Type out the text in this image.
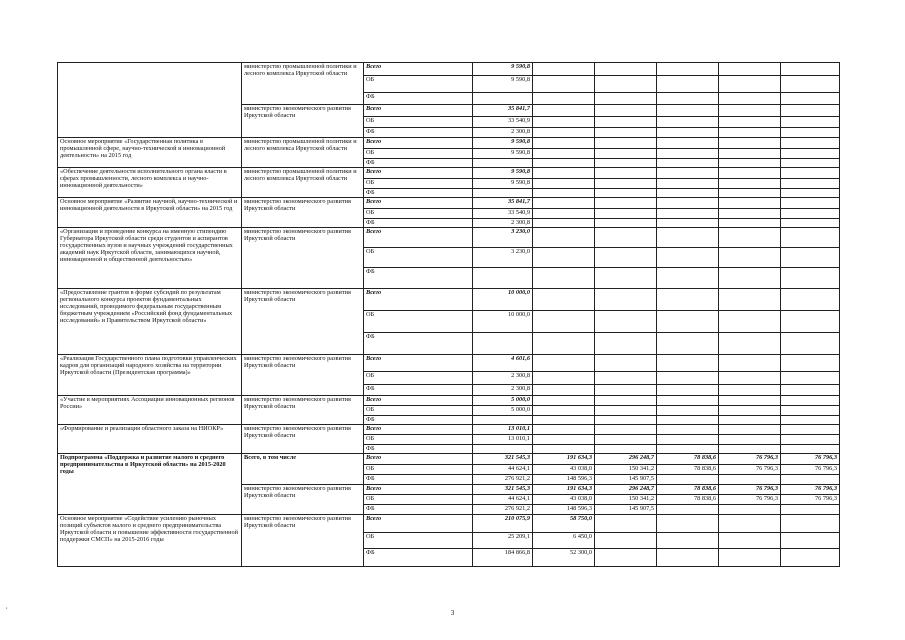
	министерство промышленной политики и лесного комплекса Иркутской области	Всего	9 590,8					
		ОБ	9 590,8					
		ФБ						
	министерство экономического развития Иркутской области	Всего	35 841,7					
		ОБ	33 540,9					
		ФБ	2 300,8					
Основное мероприятие «Государственная политика в промышленной сфере, научно-технической и инновационной деятельности» на 2015 год	министерство промышленной политики и лесного комплекса Иркутской области	Всего	9 590,8					
		ОБ	9 590,8					
		ФБ						
«Обеспечение деятельности исполнительного органа власти в сферах промышленности, лесного комплекса и научно-инновационной деятельности»	министерство промышленной политики и лесного комплекса Иркутской области	Всего	9 590,8					
		ОБ	9 590,8					
		ФБ						
Основное мероприятие «Развитие научной, научно-технической и инновационной деятельности в Иркутской области» на 2015 год	министерство экономического развития Иркутской области	Всего	35 841,7					
		ОБ	33 540,9					
		ФБ	2 300,8					
«Организация и проведение конкурса на именную стипендию Губернатора Иркутской области среди студентов и аспирантов государственных вузов и научных учреждений государственных академий наук Иркутской области, занимающихся научной, инновационной и общественной деятельностью»	министерство экономического развития Иркутской области	Всего	3 230,0					
		ОБ	3 230,0					
		ФБ						
«Предоставление грантов в форме субсидий по результатам регионального конкурса проектов фундаментальных исследований, проводимого федеральным государственным бюджетным учреждением «Российский фонд фундаментальных исследований» и Правительством Иркутской области»	министерство экономического развития Иркутской области	Всего	10 000,0					
		ОБ	10 000,0					
		ФБ						
«Реализация Государственного плана подготовки управленческих кадров для организаций народного хозяйства на территории Иркутской области (Президентская программа)»	министерство экономического развития Иркутской области	Всего	4 601,6					
		ОБ	2 300,8					
		ФБ	2 300,8					
«Участие в мероприятиях Ассоциации инновационных регионов России»	министерство экономического развития Иркутской области	Всего	5 000,0					
		ОБ	5 000,0					
		ФБ						
«Формирование и реализация областного заказа на НИОКР»	министерство экономического развития Иркутской области	Всего	13 010,1					
		ОБ	13 010,1					
		ФБ						
Подпрограмма «Поддержка и развитие малого и среднего предпринимательства в Иркутской области» на 2015-2020 годы	Всего, в том числе	Всего	321 545,3	191 634,3	296 248,7	78 838,6	76 796,3	76 796,3
		ОБ	44 624,1	43 038,0	150 341,2	78 838,6	76 796,3	76 796,3
		ФБ	276 921,2	148 596,3	145 907,5			
	министерство экономического развития Иркутской области	Всего	321 545,3	191 634,3	296 248,7	78 838,6	76 796,3	76 796,3
		ОБ	44 624,1	43 038,0	150 341,2	78 838,6	76 796,3	76 796,3
		ФБ	276 921,2	148 596,3	145 907,5			
Основное мероприятие «Содействие усилению рыночных позиций субъектов малого и среднего предпринимательства Иркутской области и повышение эффективности государственной поддержки СМСП» на 2015-2016 годы	министерство экономического развития Иркутской области	Всего	210 075,9	58 750,0				
		ОБ	25 209,1	6 450,0				
		ФБ	184 866,8	52 300,0				
,
3
